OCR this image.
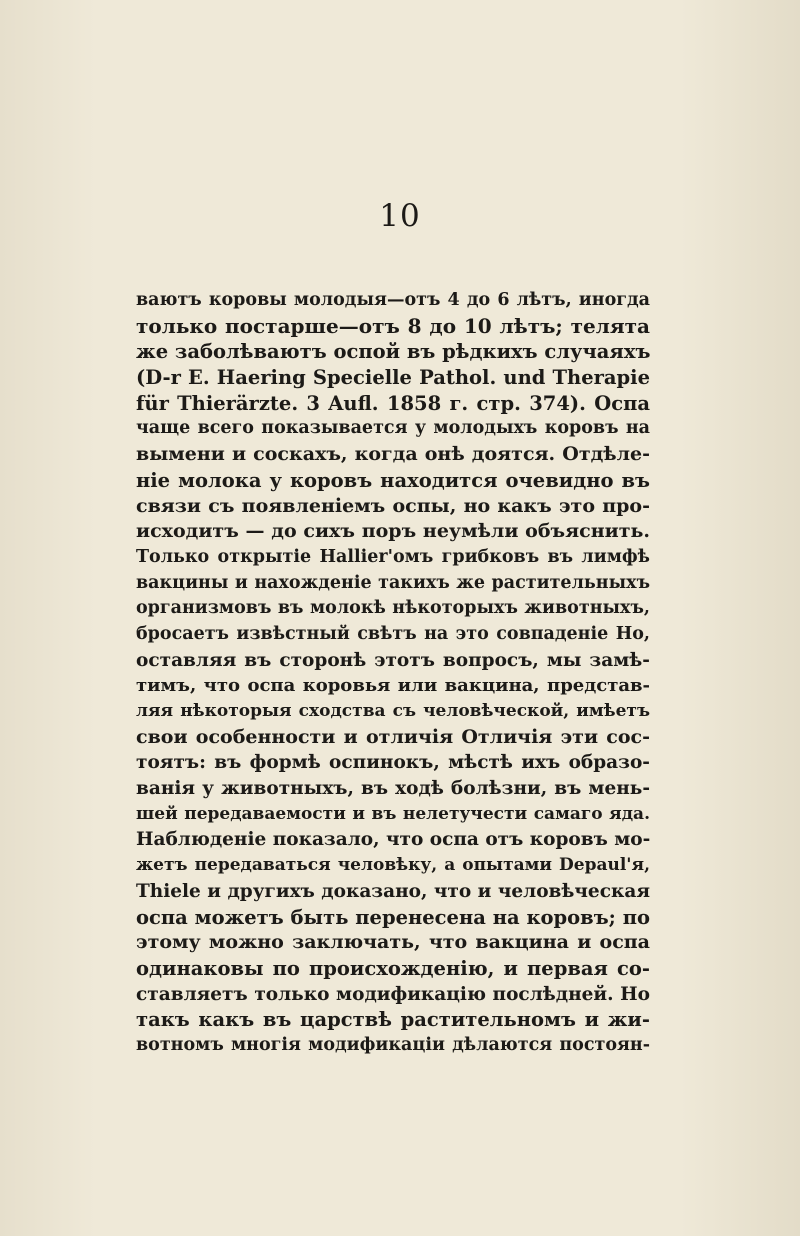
10
ваютъ коровы молодыя—отъ 4 до 6 лѣтъ, иногда
только постарше—отъ 8 до 10 лѣтъ; телята
же заболѣваютъ оспой въ рѣдкихъ случаяхъ
(D-r E. Haering Specielle Pathol. und Therapie
für Thierärzte. 3 Aufl. 1858 г. стр. 374). Оспа
чаще всего показывается у молодыхъ коровъ на
вымени и соскахъ, когда онѣ доятся. Отдѣле-
ніе молока у коровъ находится очевидно въ
связи съ появленіемъ оспы, но какъ это про-
исходитъ — до сихъ поръ неумѣли объяснить.
Только открытіе Hallier'омъ грибковъ въ лимфѣ
вакцины и нахожденіе такихъ же растительныхъ
организмовъ въ молокѣ нѣкоторыхъ животныхъ,
бросаетъ извѣстный свѣтъ на это совпаденіе Но,
оставляя въ сторонѣ этотъ вопросъ, мы замѣ-
тимъ, что оспа коровья или вакцина, представ-
ляя нѣкоторыя сходства съ человѣческой, имѣетъ
свои особенности и отличія Отличія эти сос-
тоятъ: въ формѣ оспинокъ, мѣстѣ ихъ образо-
ванія у животныхъ, въ ходѣ болѣзни, въ мень-
шей передаваемости и въ нелетучести самаго яда.
Наблюденіе показало, что оспа отъ коровъ мо-
жетъ передаваться человѣку, а опытами Depaul'я,
Thiele и другихъ доказано, что и человѣческая
оспа можетъ быть перенесена на коровъ; по
этому можно заключать, что вакцина и оспа
одинаковы по происхожденію, и первая со-
ставляетъ только модификацію послѣдней. Но
такъ какъ въ царствѣ растительномъ и жи-
вотномъ многія модификаціи дѣлаются постоян-
